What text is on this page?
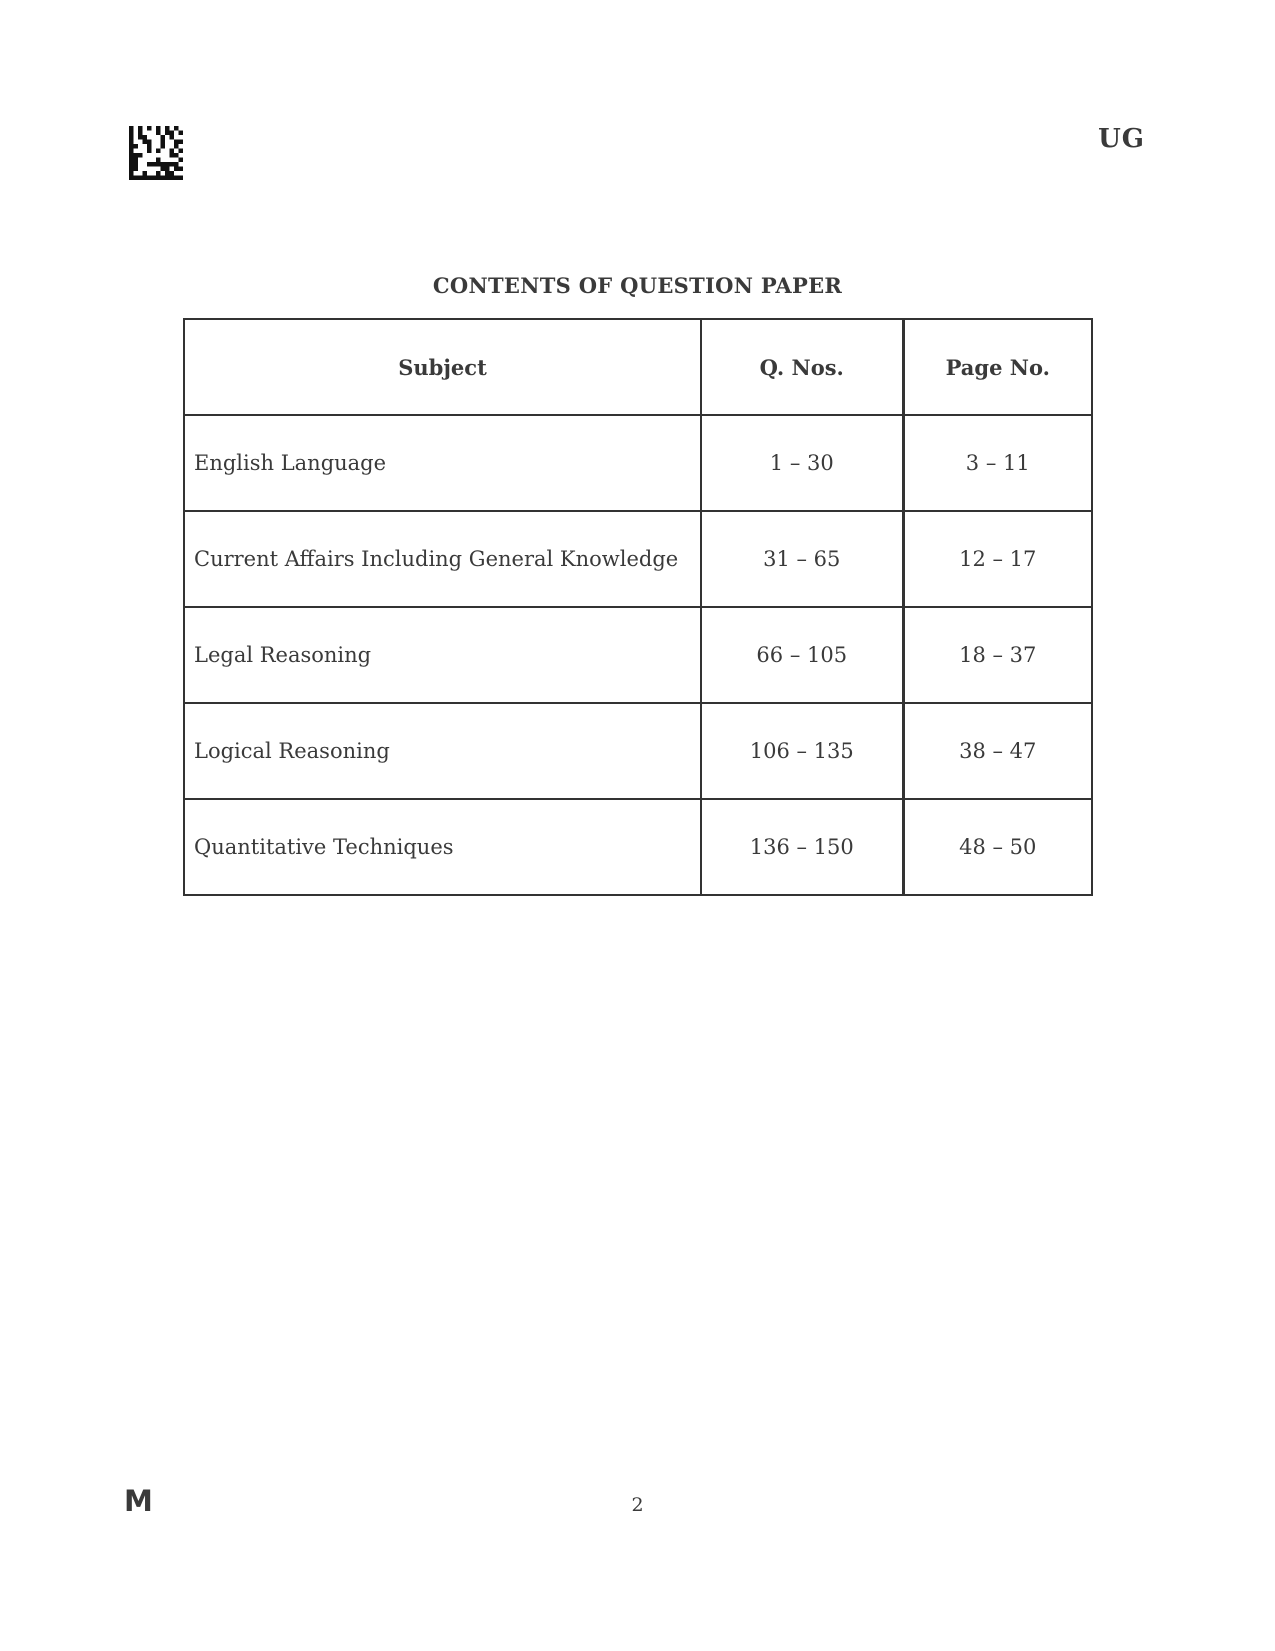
UG
CONTENTS OF QUESTION PAPER
Subject	Q. Nos.	Page No.
English Language	1 – 30	3 – 11
Current Affairs Including General Knowledge	31 – 65	12 – 17
Legal Reasoning	66 – 105	18 – 37
Logical Reasoning	106 – 135	38 – 47
Quantitative Techniques	136 – 150	48 – 50
M	2
